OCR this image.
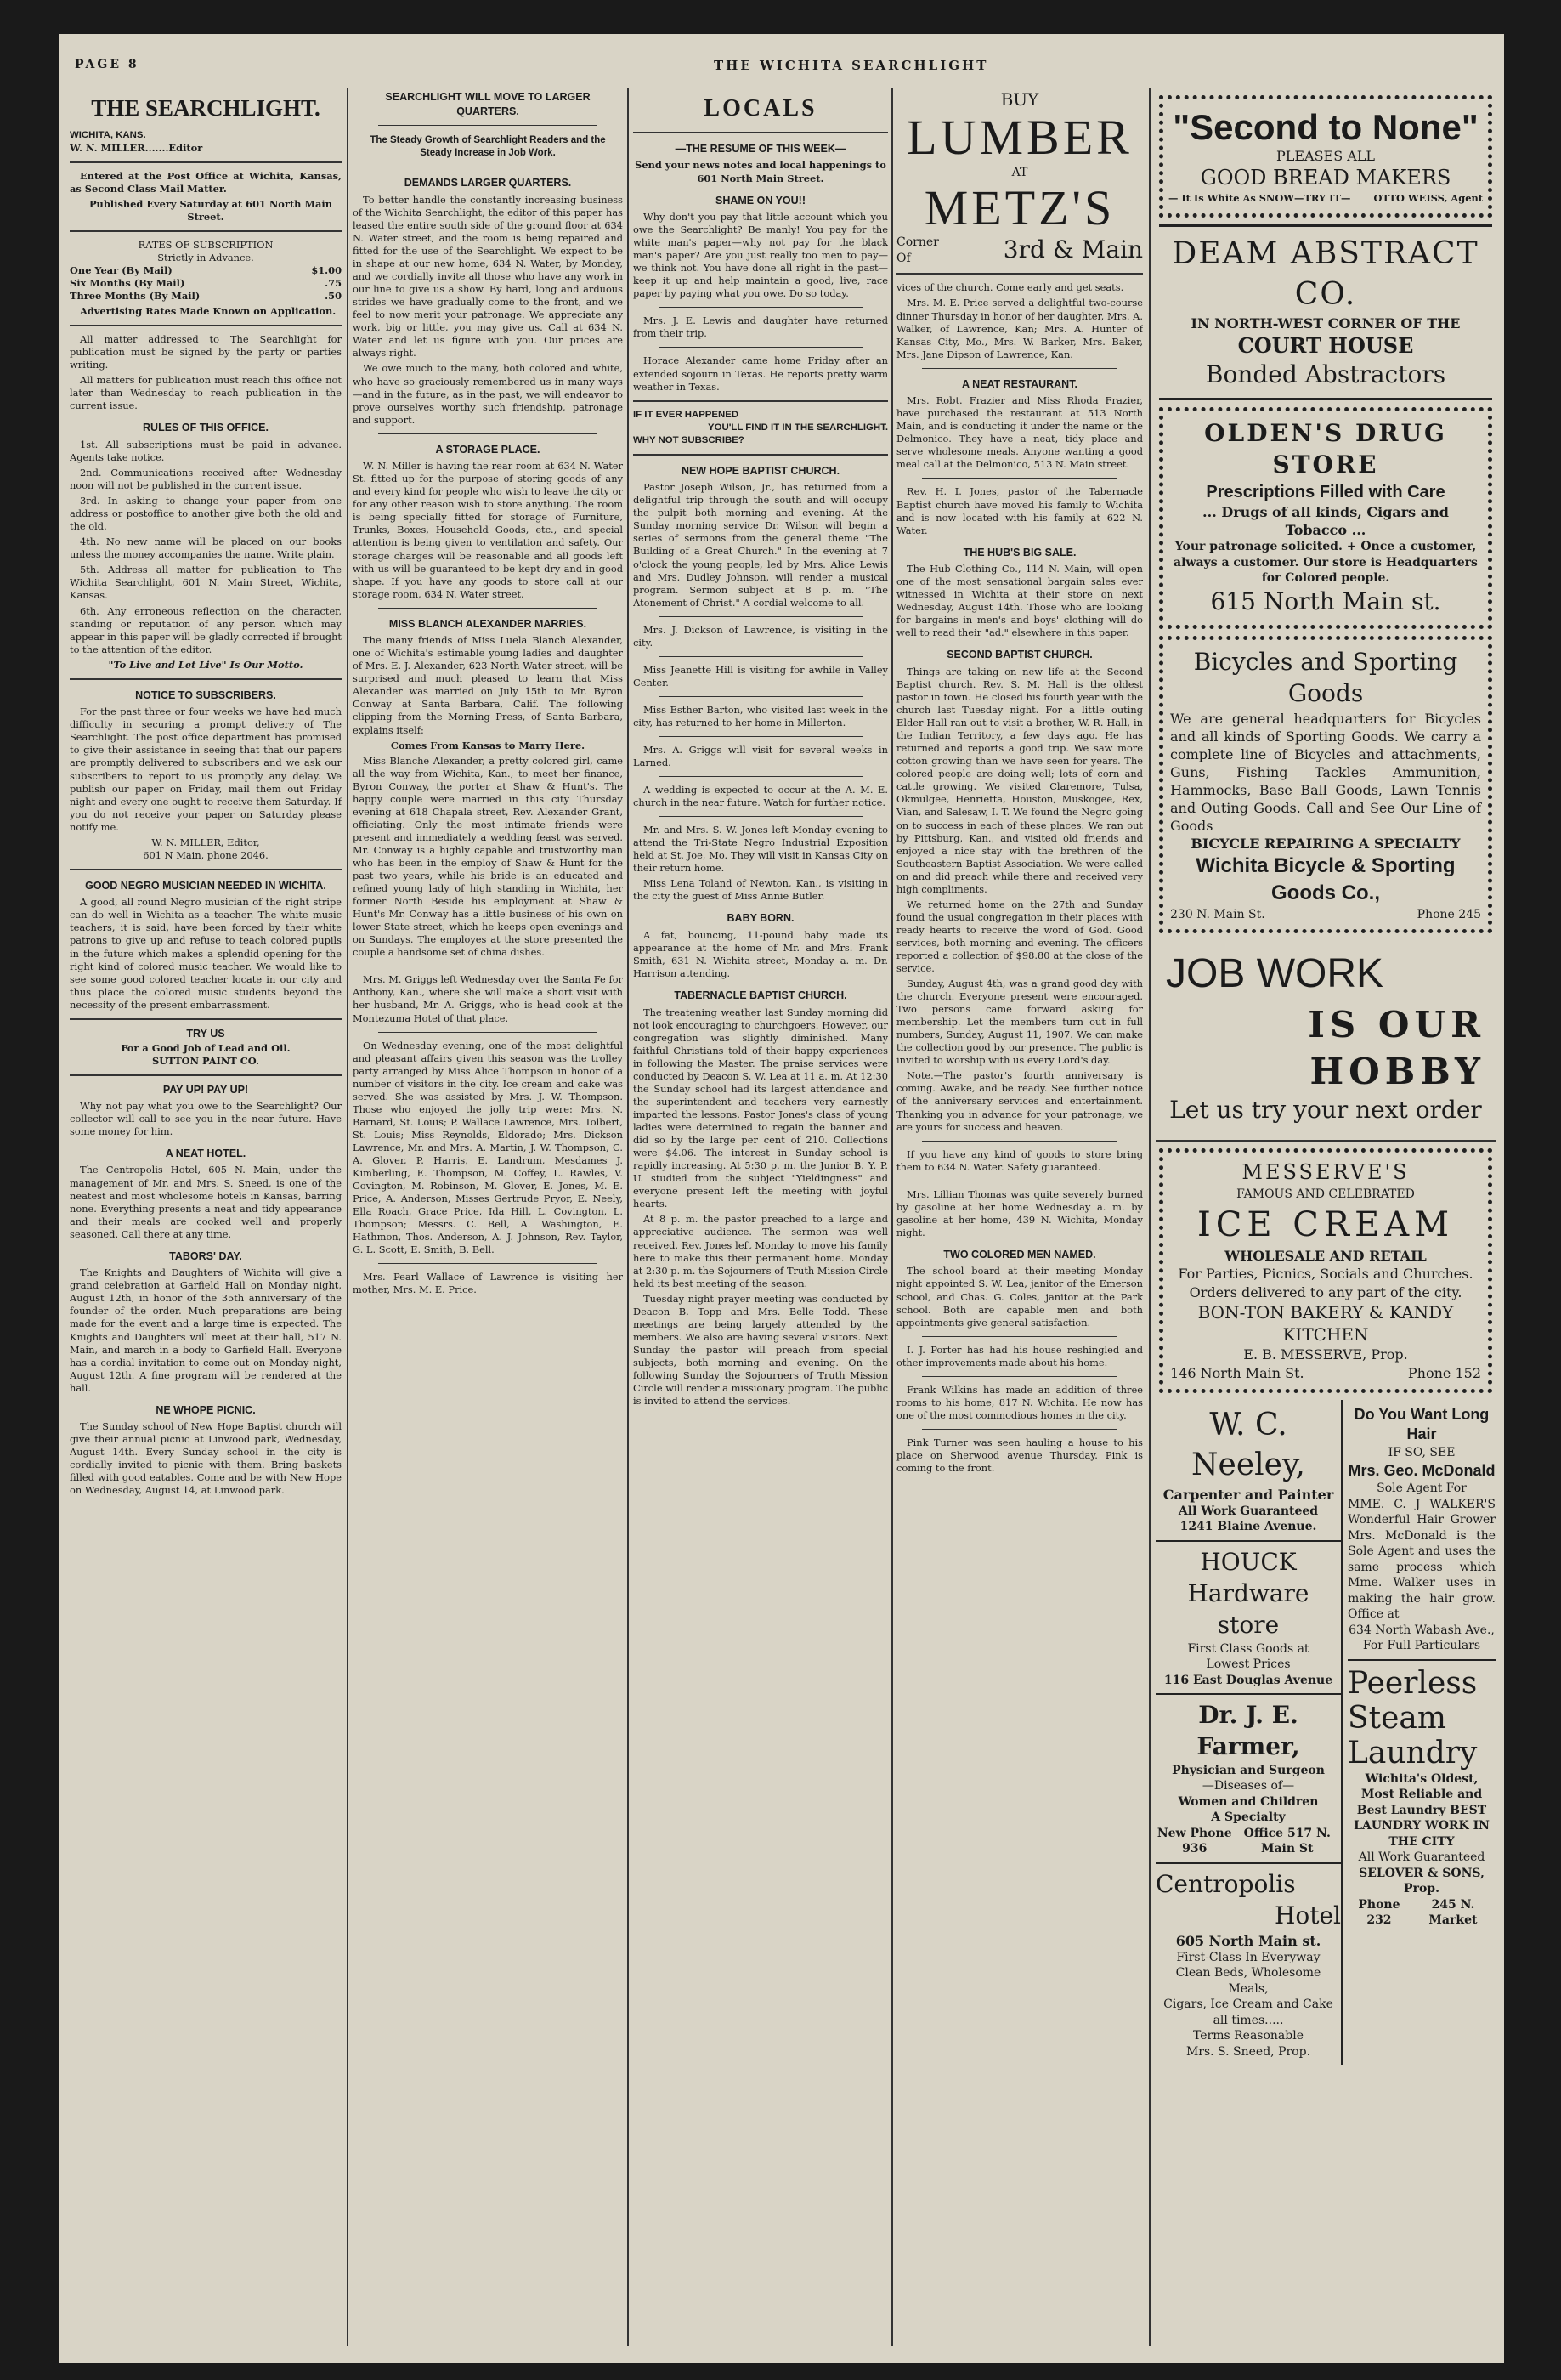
PAGE 8	THE WICHITA SEARCHLIGHT
THE SEARCHLIGHT.
WICHITA, KANS.
W. N. MILLER.......Editor

Entered at the Post Office at Wichita, Kansas, as Second Class Mail Matter.

Published Every Saturday at 601 North Main Street.

RATES OF SUBSCRIPTION
Strictly in Advance.
One Year (By Mail)	$1.00
Six Months (By Mail)	.75
Three Months (By Mail)	.50

Advertising Rates Made Known on Application.

All matter addressed to The Searchlight for publication must be signed by the party or parties writing.

All matters for publication must reach this office not later than Wednesday to reach publication in the current issue.

RULES OF THIS OFFICE.

1st. All subscriptions must be paid in advance. Agents take notice.

2nd. Communications received after Wednesday noon will not be published in the current issue.

3rd. In asking to change your paper from one address or postoffice to another give both the old and the old.

4th. No new name will be placed on our books unless the money accompanies the name. Write plain.

5th. Address all matter for publication to The Wichita Searchlight, 601 N. Main Street, Wichita, Kansas.

6th. Any erroneous reflection on the character, standing or reputation of any person which may appear in this paper will be gladly corrected if brought to the attention of the editor.

"To Live and Let Live" Is Our Motto.
NOTICE TO SUBSCRIBERS.

For the past three or four weeks we have had much difficulty in securing a prompt delivery of The Searchlight. The post office department has promised to give their assistance in seeing that that our papers are promptly delivered to subscribers and we ask our subscribers to report to us promptly any delay. We publish our paper on Friday, mail them out Friday night and every one ought to receive them Saturday. If you do not receive your paper on Saturday please notify me.

W. N. MILLER, Editor,
601 N Main, phone 2046.
GOOD NEGRO MUSICIAN NEEDED IN WICHITA.

A good, all round Negro musician of the right stripe can do well in Wichita as a teacher. The white music teachers, it is said, have been forced by their white patrons to give up and refuse to teach colored pupils in the future which makes a splendid opening for the right kind of colored music teacher. We would like to see some good colored teacher locate in our city and thus place the colored music students beyond the necessity of the present embarrassment.

TRY US
For a Good Job of Lead and Oil.
SUTTON PAINT CO.
PAY UP! PAY UP!

Why not pay what you owe to the Searchlight? Our collector will call to see you in the near future. Have some money for him.

A NEAT HOTEL.

The Centropolis Hotel, 605 N. Main, under the management of Mr. and Mrs. S. Sneed, is one of the neatest and most wholesome hotels in Kansas, barring none. Everything presents a neat and tidy appearance and their meals are cooked well and properly seasoned. Call there at any time.

TABORS' DAY.

The Knights and Daughters of Wichita will give a grand celebration at Garfield Hall on Monday night, August 12th, in honor of the 35th anniversary of the founder of the order. Much preparations are being made for the event and a large time is expected. The Knights and Daughters will meet at their hall, 517 N. Main, and march in a body to Garfield Hall. Everyone has a cordial invitation to come out on Monday night, August 12th. A fine program will be rendered at the hall.

NE WHOPE PICNIC.

The Sunday school of New Hope Baptist church will give their annual picnic at Linwood park, Wednesday, August 14th. Every Sunday school in the city is cordially invited to picnic with them. Bring baskets filled with good eatables. Come and be with New Hope on Wednesday, August 14, at Linwood park.

SEARCHLIGHT WILL MOVE TO LARGER QUARTERS.
The Steady Growth of Searchlight Readers and the Steady Increase in Job Work.
DEMANDS LARGER QUARTERS.

To better handle the constantly increasing business of the Wichita Searchlight, the editor of this paper has leased the entire south side of the ground floor at 634 N. Water street, and the room is being repaired and fitted for the use of the Searchlight. We expect to be in shape at our new home, 634 N. Water, by Monday, and we cordially invite all those who have any work in our line to give us a show. By hard, long and arduous strides we have gradually come to the front, and we feel to now merit your patronage. We appreciate any work, big or little, you may give us. Call at 634 N. Water and let us figure with you. Our prices are always right.

We owe much to the many, both colored and white, who have so graciously remembered us in many ways—and in the future, as in the past, we will endeavor to prove ourselves worthy such friendship, patronage and support.

A STORAGE PLACE.

W. N. Miller is having the rear room at 634 N. Water St. fitted up for the purpose of storing goods of any and every kind for people who wish to leave the city or for any other reason wish to store anything. The room is being specially fitted for storage of Furniture, Trunks, Boxes, Household Goods, etc., and special attention is being given to ventilation and safety. Our storage charges will be reasonable and all goods left with us will be guaranteed to be kept dry and in good shape. If you have any goods to store call at our storage room, 634 N. Water street.

MISS BLANCH ALEXANDER MARRIES.

The many friends of Miss Luela Blanch Alexander, one of Wichita's estimable young ladies and daughter of Mrs. E. J. Alexander, 623 North Water street, will be surprised and much pleased to learn that Miss Alexander was married on July 15th to Mr. Byron Conway at Santa Barbara, Calif. The following clipping from the Morning Press, of Santa Barbara, explains itself:

Comes From Kansas to Marry Here.

Miss Blanche Alexander, a pretty colored girl, came all the way from Wichita, Kan., to meet her finance, Byron Conway, the porter at Shaw & Hunt's. The happy couple were married in this city Thursday evening at 618 Chapala street, Rev. Alexander Grant, officiating. Only the most intimate friends were present and immediately a wedding feast was served. Mr. Conway is a highly capable and trustworthy man who has been in the employ of Shaw & Hunt for the past two years, while his bride is an educated and refined young lady of high standing in Wichita, her former North Beside his employment at Shaw & Hunt's Mr. Conway has a little business of his own on lower State street, which he keeps open evenings and on Sundays. The employes at the store presented the couple a handsome set of china dishes.

Mrs. M. Griggs left Wednesday over the Santa Fe for Anthony, Kan., where she will make a short visit with her husband, Mr. A. Griggs, who is head cook at the Montezuma Hotel of that place.

On Wednesday evening, one of the most delightful and pleasant affairs given this season was the trolley party arranged by Miss Alice Thompson in honor of a number of visitors in the city. Ice cream and cake was served. She was assisted by Mrs. J. W. Thompson. Those who enjoyed the jolly trip were: Mrs. N. Barnard, St. Louis; P. Wallace Lawrence, Mrs. Tolbert, St. Louis; Miss Reynolds, Eldorado; Mrs. Dickson Lawrence, Mr. and Mrs. A. Martin, J. W. Thompson, C. A. Glover, P. Harris, E. Landrum, Mesdames J. Kimberling, E. Thompson, M. Coffey, L. Rawles, V. Covington, M. Robinson, M. Glover, E. Jones, M. E. Price, A. Anderson, Misses Gertrude Pryor, E. Neely, Ella Roach, Grace Price, Ida Hill, L. Covington, L. Thompson; Messrs. C. Bell, A. Washington, E. Hathmon, Thos. Anderson, A. J. Johnson, Rev. Taylor, G. L. Scott, E. Smith, B. Bell.

Mrs. Pearl Wallace of Lawrence is visiting her mother, Mrs. M. E. Price.

LOCALS
—THE RESUME OF THIS WEEK—
Send your news notes and local happenings to 601 North Main Street.
SHAME ON YOU!!

Why don't you pay that little account which you owe the Searchlight? Be manly! You pay for the white man's paper—why not pay for the black man's paper? Are you just really too men to pay—we think not. You have done all right in the past—keep it up and help maintain a good, live, race paper by paying what you owe. Do so today.

Mrs. J. E. Lewis and daughter have returned from their trip.

Horace Alexander came home Friday after an extended sojourn in Texas. He reports pretty warm weather in Texas.

IF IT EVER HAPPENED
YOU'LL FIND IT IN THE SEARCHLIGHT.
WHY NOT SUBSCRIBE?
NEW HOPE BAPTIST CHURCH.

Pastor Joseph Wilson, Jr., has returned from a delightful trip through the south and will occupy the pulpit both morning and evening. At the Sunday morning service Dr. Wilson will begin a series of sermons from the general theme "The Building of a Great Church." In the evening at 7 o'clock the young people, led by Mrs. Alice Lewis and Mrs. Dudley Johnson, will render a musical program. Sermon subject at 8 p. m. "The Atonement of Christ." A cordial welcome to all.

Mrs. J. Dickson of Lawrence, is visiting in the city.

Miss Jeanette Hill is visiting for awhile in Valley Center.

Miss Esther Barton, who visited last week in the city, has returned to her home in Millerton.

Mrs. A. Griggs will visit for several weeks in Larned.

A wedding is expected to occur at the A. M. E. church in the near future. Watch for further notice.

Mr. and Mrs. S. W. Jones left Monday evening to attend the Tri-State Negro Industrial Exposition held at St. Joe, Mo. They will visit in Kansas City on their return home.

Miss Lena Toland of Newton, Kan., is visiting in the city the guest of Miss Annie Butler.

BABY BORN.

A fat, bouncing, 11-pound baby made its appearance at the home of Mr. and Mrs. Frank Smith, 631 N. Wichita street, Monday a. m. Dr. Harrison attending.

TABERNACLE BAPTIST CHURCH.

The treatening weather last Sunday morning did not look encouraging to churchgoers. However, our congregation was slightly diminished. Many faithful Christians told of their happy experiences in following the Master. The praise services were conducted by Deacon S. W. Lea at 11 a. m. At 12:30 the Sunday school had its largest attendance and the superintendent and teachers very earnestly imparted the lessons. Pastor Jones's class of young ladies were determined to regain the banner and did so by the large per cent of 210. Collections were $4.06. The interest in Sunday school is rapidly increasing. At 5:30 p. m. the Junior B. Y. P. U. studied from the subject "Yieldingness" and everyone present left the meeting with joyful hearts.

At 8 p. m. the pastor preached to a large and appreciative audience. The sermon was well received. Rev. Jones left Monday to move his family here to make this their permanent home. Monday at 2:30 p. m. the Sojourners of Truth Mission Circle held its best meeting of the season.

Tuesday night prayer meeting was conducted by Deacon B. Topp and Mrs. Belle Todd. These meetings are being largely attended by the members. We also are having several visitors. Next Sunday the pastor will preach from special subjects, both morning and evening. On the following Sunday the Sojourners of Truth Mission Circle will render a missionary program. The public is invited to attend the services.

BUY
LUMBER
AT
METZ'S
Corner Of	3rd & Main

vices of the church. Come early and get seats.

Mrs. M. E. Price served a delightful two-course dinner Thursday in honor of her daughter, Mrs. A. Walker, of Lawrence, Kan; Mrs. A. Hunter of Kansas City, Mo., Mrs. W. Barker, Mrs. Baker, Mrs. Jane Dipson of Lawrence, Kan.

A NEAT RESTAURANT.

Mrs. Robt. Frazier and Miss Rhoda Frazier, have purchased the restaurant at 513 North Main, and is conducting it under the name or the Delmonico. They have a neat, tidy place and serve wholesome meals. Anyone wanting a good meal call at the Delmonico, 513 N. Main street.

Rev. H. I. Jones, pastor of the Tabernacle Baptist church have moved his family to Wichita and is now located with his family at 622 N. Water.

THE HUB'S BIG SALE.

The Hub Clothing Co., 114 N. Main, will open one of the most sensational bargain sales ever witnessed in Wichita at their store on next Wednesday, August 14th. Those who are looking for bargains in men's and boys' clothing will do well to read their "ad." elsewhere in this paper.

SECOND BAPTIST CHURCH.

Things are taking on new life at the Second Baptist church. Rev. S. M. Hall is the oldest pastor in town. He closed his fourth year with the church last Tuesday night. For a little outing Elder Hall ran out to visit a brother, W. R. Hall, in the Indian Territory, a few days ago. He has returned and reports a good trip. We saw more cotton growing than we have seen for years. The colored people are doing well; lots of corn and cattle growing. We visited Claremore, Tulsa, Okmulgee, Henrietta, Houston, Muskogee, Rex, Vian, and Salesaw, I. T. We found the Negro going on to success in each of these places. We ran out by Pittsburg, Kan., and visited old friends and enjoyed a nice stay with the brethren of the Southeastern Baptist Association. We were called on and did preach while there and received very high compliments.

We returned home on the 27th and Sunday found the usual congregation in their places with ready hearts to receive the word of God. Good services, both morning and evening. The officers reported a collection of $98.80 at the close of the service.

Sunday, August 4th, was a grand good day with the church. Everyone present were encouraged. Two persons came forward asking for membership. Let the members turn out in full numbers, Sunday, August 11, 1907. We can make the collection good by our presence. The public is invited to worship with us every Lord's day.

Note.—The pastor's fourth anniversary is coming. Awake, and be ready. See further notice of the anniversary services and entertainment. Thanking you in advance for your patronage, we are yours for success and heaven.

If you have any kind of goods to store bring them to 634 N. Water. Safety guaranteed.

Mrs. Lillian Thomas was quite severely burned by gasoline at her home Wednesday a. m. by gasoline at her home, 439 N. Wichita, Monday night.

TWO COLORED MEN NAMED.

The school board at their meeting Monday night appointed S. W. Lea, janitor of the Emerson school, and Chas. G. Coles, janitor at the Park school. Both are capable men and both appointments give general satisfaction.

I. J. Porter has had his house reshingled and other improvements made about his home.

Frank Wilkins has made an addition of three rooms to his home, 817 N. Wichita. He now has one of the most commodious homes in the city.

Pink Turner was seen hauling a house to his place on Sherwood avenue Thursday. Pink is coming to the front.

"Second to None"
PLEASES ALL
GOOD BREAD MAKERS
— It Is White As SNOW—TRY IT— OTTO WEISS, Agent
DEAM ABSTRACT CO.
IN NORTH-WEST CORNER OF THE
COURT HOUSE
Bonded Abstractors
OLDEN'S DRUG STORE
Prescriptions Filled with Care
... Drugs of all kinds, Cigars and Tobacco ...
Your patronage solicited. + Once a customer, always a customer. Our store is Headquarters for Colored people.
615 North Main st.
Bicycles and Sporting Goods
We are general headquarters for Bicycles and all kinds of Sporting Goods. We carry a complete line of Bicycles and attachments, Guns, Fishing Tackles Ammunition, Hammocks, Base Ball Goods, Lawn Tennis and Outing Goods. Call and See Our Line of Goods
BICYCLE REPAIRING A SPECIALTY
Wichita Bicycle & Sporting Goods Co.,
230 N. Main St.	Phone 245
JOB WORK
IS OUR HOBBY
Let us try your next order
MESSERVE'S
FAMOUS AND CELEBRATED
ICE CREAM
WHOLESALE AND RETAIL
For Parties, Picnics, Socials and Churches.
Orders delivered to any part of the city.
BON-TON BAKERY & KANDY KITCHEN
E. B. MESSERVE, Prop.
146 North Main St.	Phone 152
W. C. Neeley,
Carpenter and Painter
All Work Guaranteed
1241 Blaine Avenue.
HOUCK
Hardware store
First Class Goods at
Lowest Prices
116 East Douglas Avenue
Dr. J. E. Farmer,
Physician and Surgeon
—Diseases of—
Women and Children
A Specialty
New Phone 936
Office 517 N. Main St
Centropolis
Hotel
605 North Main st.
First-Class In Everyway
Clean Beds, Wholesome Meals,
Cigars, Ice Cream and Cake
all times.....
Terms Reasonable
Mrs. S. Sneed, Prop.
Do You Want Long Hair
IF SO, SEE
Mrs. Geo. McDonald
Sole Agent For
MME. C. J WALKER'S Wonderful Hair Grower Mrs. McDonald is the Sole Agent and uses the same process which Mme. Walker uses in making the hair grow. Office at
634 North Wabash Ave.,
For Full Particulars
Peerless
Steam
Laundry
Wichita's Oldest, Most Reliable and Best Laundry BEST LAUNDRY WORK IN THE CITY
All Work Guaranteed
SELOVER & SONS, Prop.
Phone 232
245 N. Market
